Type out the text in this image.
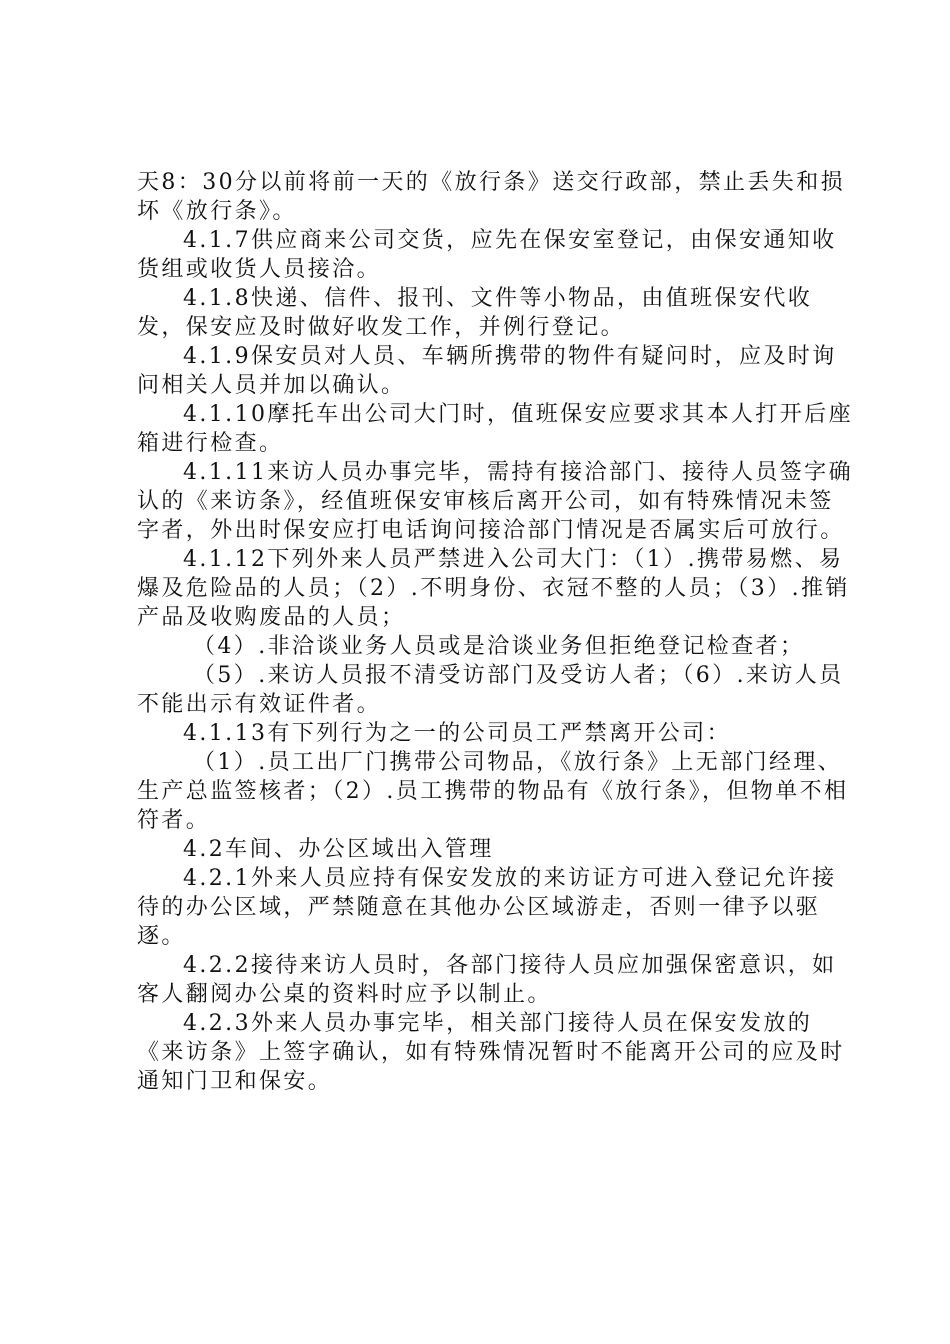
天8：30分以前将前一天的《放行条》送交行政部，禁止丢失和损坏《放行条》。

4.1.7供应商来公司交货，应先在保安室登记，由保安通知收货组或收货人员接洽。

4.1.8快递、信件、报刊、文件等小物品，由值班保安代收发，保安应及时做好收发工作，并例行登记。

4.1.9保安员对人员、车辆所携带的物件有疑问时，应及时询问相关人员并加以确认。

4.1.10摩托车出公司大门时，值班保安应要求其本人打开后座箱进行检查。

4.1.11来访人员办事完毕，需持有接洽部门、接待人员签字确认的《来访条》，经值班保安审核后离开公司，如有特殊情况未签字者，外出时保安应打电话询问接洽部门情况是否属实后可放行。

4.1.12下列外来人员严禁进入公司大门：（1）.携带易燃、易爆及危险品的人员；（2）.不明身份、衣冠不整的人员；（3）.推销产品及收购废品的人员；

（4）.非洽谈业务人员或是洽谈业务但拒绝登记检查者；

（5）.来访人员报不清受访部门及受访人者；（6）.来访人员不能出示有效证件者。

4.1.13有下列行为之一的公司员工严禁离开公司：

（1）.员工出厂门携带公司物品，《放行条》上无部门经理、生产总监签核者；（2）.员工携带的物品有《放行条》，但物单不相符者。

4.2车间、办公区域出入管理

4.2.1外来人员应持有保安发放的来访证方可进入登记允许接待的办公区域，严禁随意在其他办公区域游走，否则一律予以驱逐。

4.2.2接待来访人员时，各部门接待人员应加强保密意识，如客人翻阅办公桌的资料时应予以制止。

4.2.3外来人员办事完毕，相关部门接待人员在保安发放的《来访条》上签字确认，如有特殊情况暂时不能离开公司的应及时通知门卫和保安。
